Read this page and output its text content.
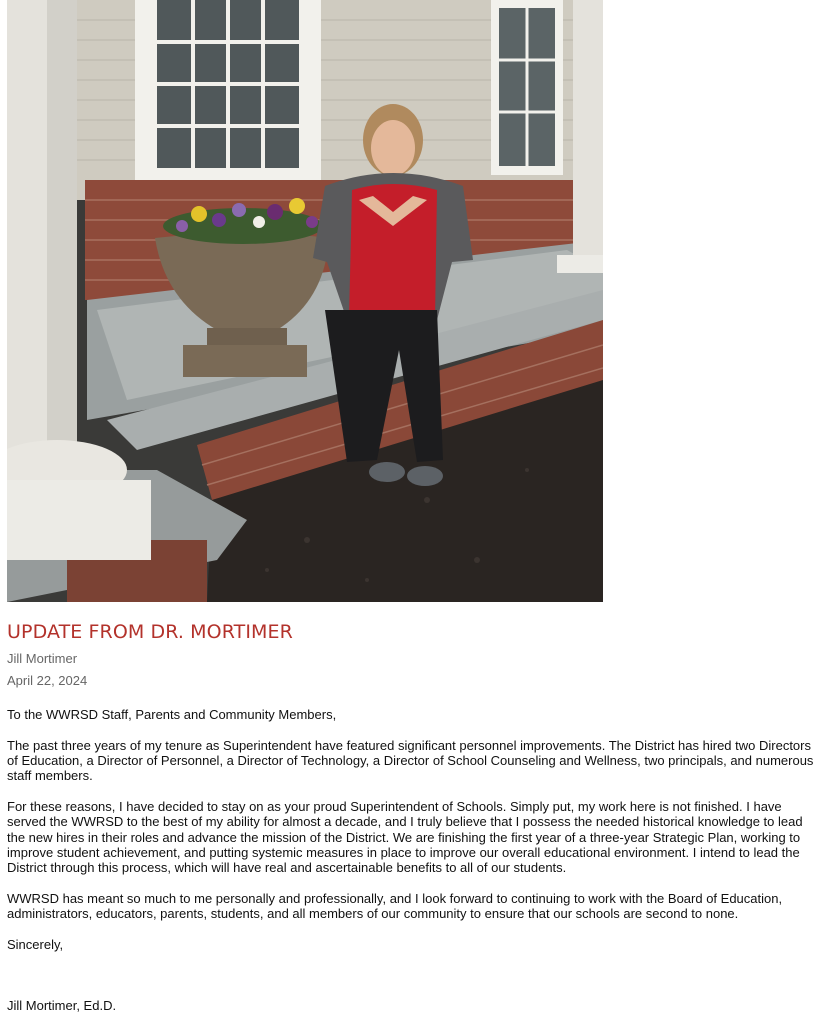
UPDATE FROM DR. MORTIMER
Jill Mortimer
April 22, 2024

To the WWRSD Staff, Parents and Community Members,

The past three years of my tenure as Superintendent have featured significant personnel improvements. The District has hired two Directors of Education, a Director of Personnel, a Director of Technology, a Director of School Counseling and Wellness, two principals, and numerous staff members.

For these reasons, I have decided to stay on as your proud Superintendent of Schools. Simply put, my work here is not finished. I have served the WWRSD to the best of my ability for almost a decade, and I truly believe that I possess the needed historical knowledge to lead the new hires in their roles and advance the mission of the District. We are finishing the first year of a three-year Strategic Plan, working to improve student achievement, and putting systemic measures in place to improve our overall educational environment. I intend to lead the District through this process, which will have real and ascertainable benefits to all of our students.

WWRSD has meant so much to me personally and professionally, and I look forward to continuing to work with the Board of Education, administrators, educators, parents, students, and all members of our community to ensure that our schools are second to none.

Sincerely,

Jill Mortimer, Ed.D.
